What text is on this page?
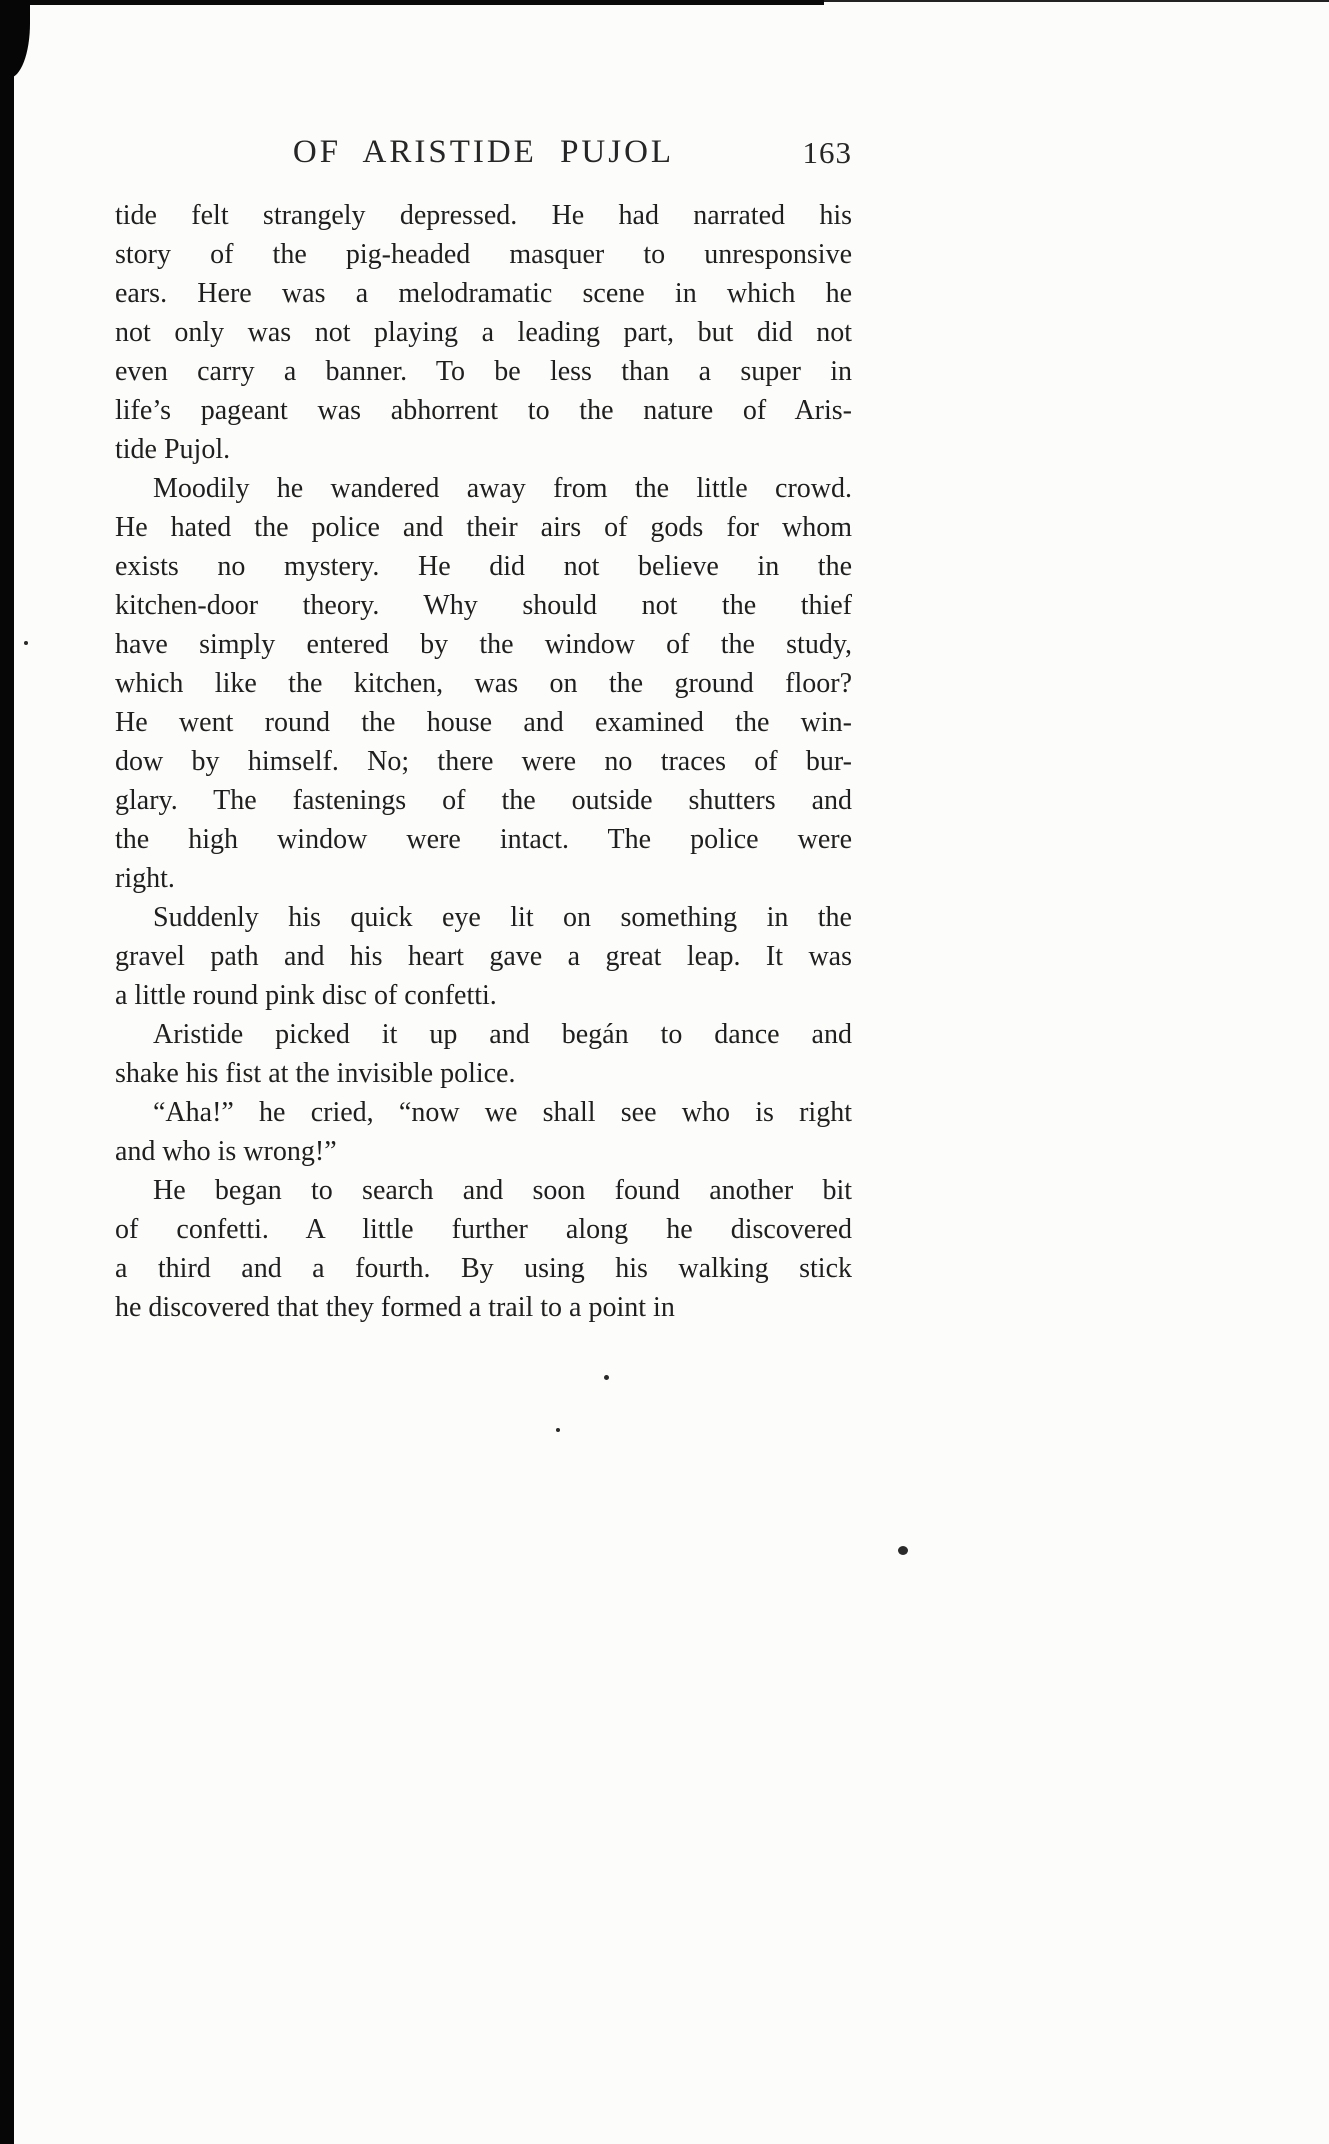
OF ARISTIDE PUJOL	163
tide felt strangely depressed. He had narrated his
story of the pig-headed masquer to unresponsive
ears. Here was a melodramatic scene in which he
not only was not playing a leading part, but did not
even carry a banner. To be less than a super in
life’s pageant was abhorrent to the nature of Aris-
tide Pujol.
Moodily he wandered away from the little crowd.
He hated the police and their airs of gods for whom
exists no mystery. He did not believe in the
kitchen-door theory. Why should not the thief
have simply entered by the window of the study,
which like the kitchen, was on the ground floor?
He went round the house and examined the win-
dow by himself. No; there were no traces of bur-
glary. The fastenings of the outside shutters and
the high window were intact. The police were
right.
Suddenly his quick eye lit on something in the
gravel path and his heart gave a great leap. It was
a little round pink disc of confetti.
Aristide picked it up and begán to dance and
shake his fist at the invisible police.
“Aha!” he cried, “now we shall see who is right
and who is wrong!”
He began to search and soon found another bit
of confetti. A little further along he discovered
a third and a fourth. By using his walking stick
he discovered that they formed a trail to a point in
